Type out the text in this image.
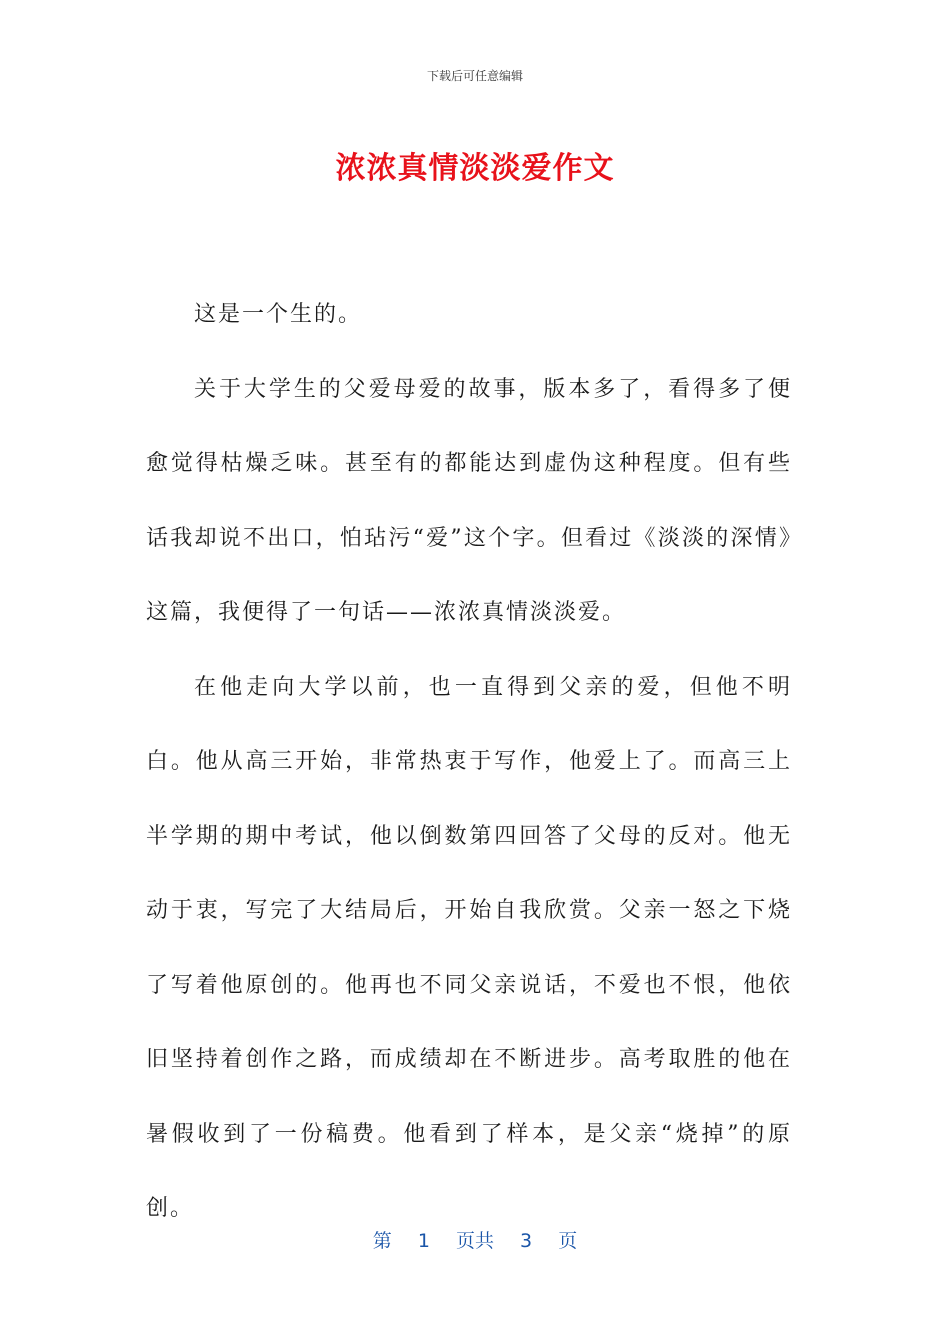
下载后可任意编辑
浓浓真情淡淡爱作文

这是一个生的。

关于大学生的父爱母爱的故事，版本多了，看得多了便愈觉得枯燥乏味。甚至有的都能达到虚伪这种程度。但有些话我却说不出口，怕玷污“爱”这个字。但看过《淡淡的深情》这篇，我便得了一句话——浓浓真情淡淡爱。

在他走向大学以前，也一直得到父亲的爱，但他不明白。他从高三开始，非常热衷于写作，他爱上了。而高三上半学期的期中考试，他以倒数第四回答了父母的反对。他无动于衷，写完了大结局后，开始自我欣赏。父亲一怒之下烧了写着他原创的。他再也不同父亲说话，不爱也不恨，他依旧坚持着创作之路，而成绩却在不断进步。高考取胜的他在暑假收到了一份稿费。他看到了样本，是父亲“烧掉”的原创。

第 1 页共 3 页
